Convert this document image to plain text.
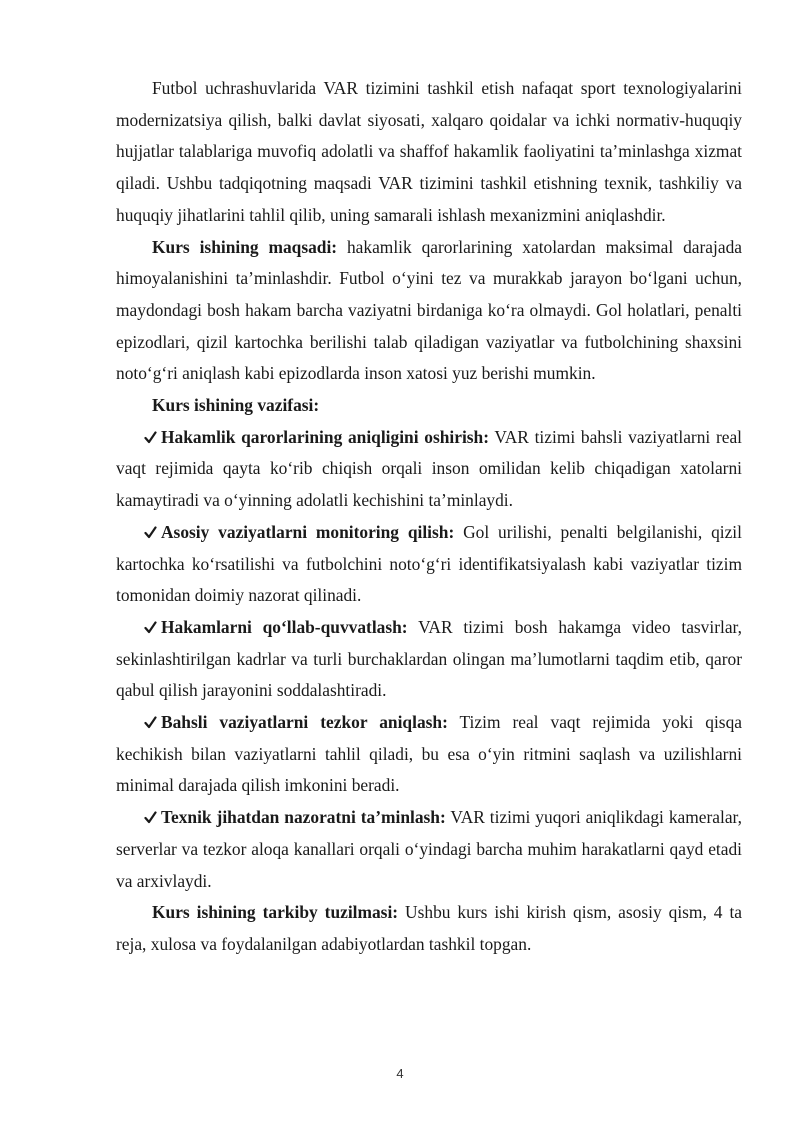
Futbol uchrashuvlarida VAR tizimini tashkil etish nafaqat sport texnologiyalarini modernizatsiya qilish, balki davlat siyosati, xalqaro qoidalar va ichki normativ-huquqiy hujjatlar talablariga muvofiq adolatli va shaffof hakamlik faoliyatini ta’minlashga xizmat qiladi. Ushbu tadqiqotning maqsadi VAR tizimini tashkil etishning texnik, tashkiliy va huquqiy jihatlarini tahlil qilib, uning samarali ishlash mexanizmini aniqlashdir.

Kurs ishining maqsadi: hakamlik qarorlarining xatolardan maksimal darajada himoyalanishini ta’minlashdir. Futbol o‘yini tez va murakkab jarayon bo‘lgani uchun, maydondagi bosh hakam barcha vaziyatni birdaniga ko‘ra olmaydi. Gol holatlari, penalti epizodlari, qizil kartochka berilishi talab qiladigan vaziyatlar va futbolchining shaxsini noto‘g‘ri aniqlash kabi epizodlarda inson xatosi yuz berishi mumkin.

Kurs ishining vazifasi:

Hakamlik qarorlarining aniqligini oshirish: VAR tizimi bahsli vaziyatlarni real vaqt rejimida qayta ko‘rib chiqish orqali inson omilidan kelib chiqadigan xatolarni kamaytiradi va o‘yinning adolatli kechishini ta’minlaydi.

Asosiy vaziyatlarni monitoring qilish: Gol urilishi, penalti belgilanishi, qizil kartochka ko‘rsatilishi va futbolchini noto‘g‘ri identifikatsiyalash kabi vaziyatlar tizim tomonidan doimiy nazorat qilinadi.

Hakamlarni qo‘llab-quvvatlash: VAR tizimi bosh hakamga video tasvirlar, sekinlashtirilgan kadrlar va turli burchaklardan olingan ma’lumotlarni taqdim etib, qaror qabul qilish jarayonini soddalashtiradi.

Bahsli vaziyatlarni tezkor aniqlash: Tizim real vaqt rejimida yoki qisqa kechikish bilan vaziyatlarni tahlil qiladi, bu esa o‘yin ritmini saqlash va uzilishlarni minimal darajada qilish imkonini beradi.

Texnik jihatdan nazoratni ta’minlash: VAR tizimi yuqori aniqlikdagi kameralar, serverlar va tezkor aloqa kanallari orqali o‘yindagi barcha muhim harakatlarni qayd etadi va arxivlaydi.

Kurs ishining tarkiby tuzilmasi: Ushbu kurs ishi kirish qism, asosiy qism, 4 ta reja, xulosa va foydalanilgan adabiyotlardan tashkil topgan.

4
